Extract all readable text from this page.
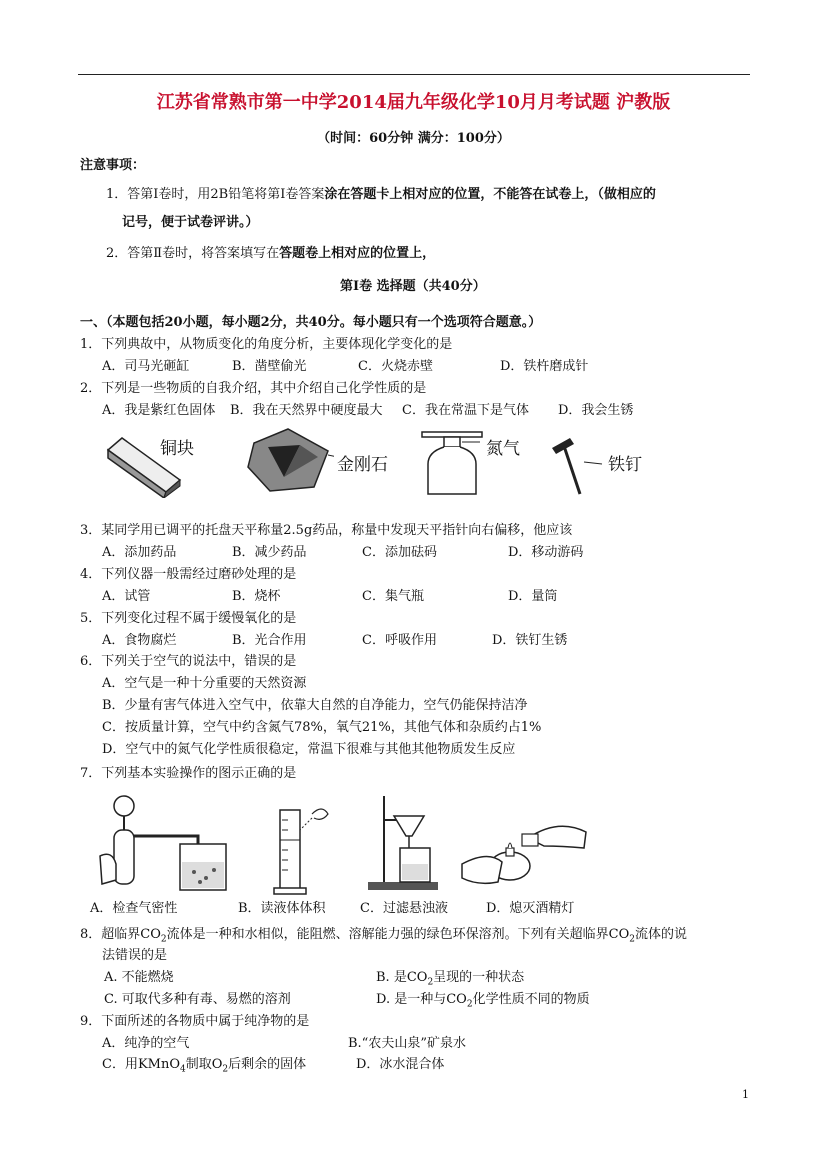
江苏省常熟市第一中学2014届九年级化学10月月考试题 沪教版
（时间：60分钟 满分：100分）
注意事项：
1．答第Ⅰ卷时，用2B铅笔将第Ⅰ卷答案涂在答题卡上相对应的位置，不能答在试卷上，（做相应的
记号，便于试卷评讲。）
2．答第Ⅱ卷时，将答案填写在答题卷上相对应的位置上，
第Ⅰ卷 选择题（共40分）
一、（本题包括20小题，每小题2分，共40分。每小题只有一个选项符合题意。）
1．下列典故中，从物质变化的角度分析，主要体现化学变化的是
A．司马光砸缸	B．凿壁偷光	C．火烧赤壁	D．铁杵磨成针
2．下列是一些物质的自我介绍，其中介绍自己化学性质的是
A．我是紫红色固体 B．我在天然界中硬度最大 C．我在常温下是气体 D．我会生锈
铜块
金刚石
氮气
铁钉
3．某同学用已调平的托盘天平称量2.5g药品，称量中发现天平指针向右偏移，他应该
A．添加药品	B．减少药品	C．添加砝码	D．移动游码
4．下列仪器一般需经过磨砂处理的是
A．试管	B．烧杯	C．集气瓶	D．量筒
5．下列变化过程不属于缓慢氧化的是
A．食物腐烂	B．光合作用	C．呼吸作用	D．铁钉生锈
6．下列关于空气的说法中，错误的是
A．空气是一种十分重要的天然资源
B．少量有害气体进入空气中，依靠大自然的自净能力，空气仍能保持洁净
C．按质量计算，空气中约含氮气78%，氧气21%，其他气体和杂质约占1%
D．空气中的氮气化学性质很稳定，常温下很难与其他其他物质发生反应
7．下列基本实验操作的图示正确的是
A．检查气密性	B．读液体体积	C．过滤悬浊液	D．熄灭酒精灯
8．超临界$CO_2$流体是一种和水相似，能阻燃、溶解能力强的绿色环保溶剂。下列有关超临界$CO_2$流体的说
法错误的是
A. 不能燃烧	B. 是$CO_2$呈现的一种状态
C. 可取代多种有毒、易燃的溶剂	D. 是一种与$CO_2$化学性质不同的物质
9．下面所述的各物质中属于纯净物的是
A．纯净的空气	B.“农夫山泉”矿泉水
C．用KMnO$_4$制取$O_2$后剩余的固体	D．冰水混合体
1
